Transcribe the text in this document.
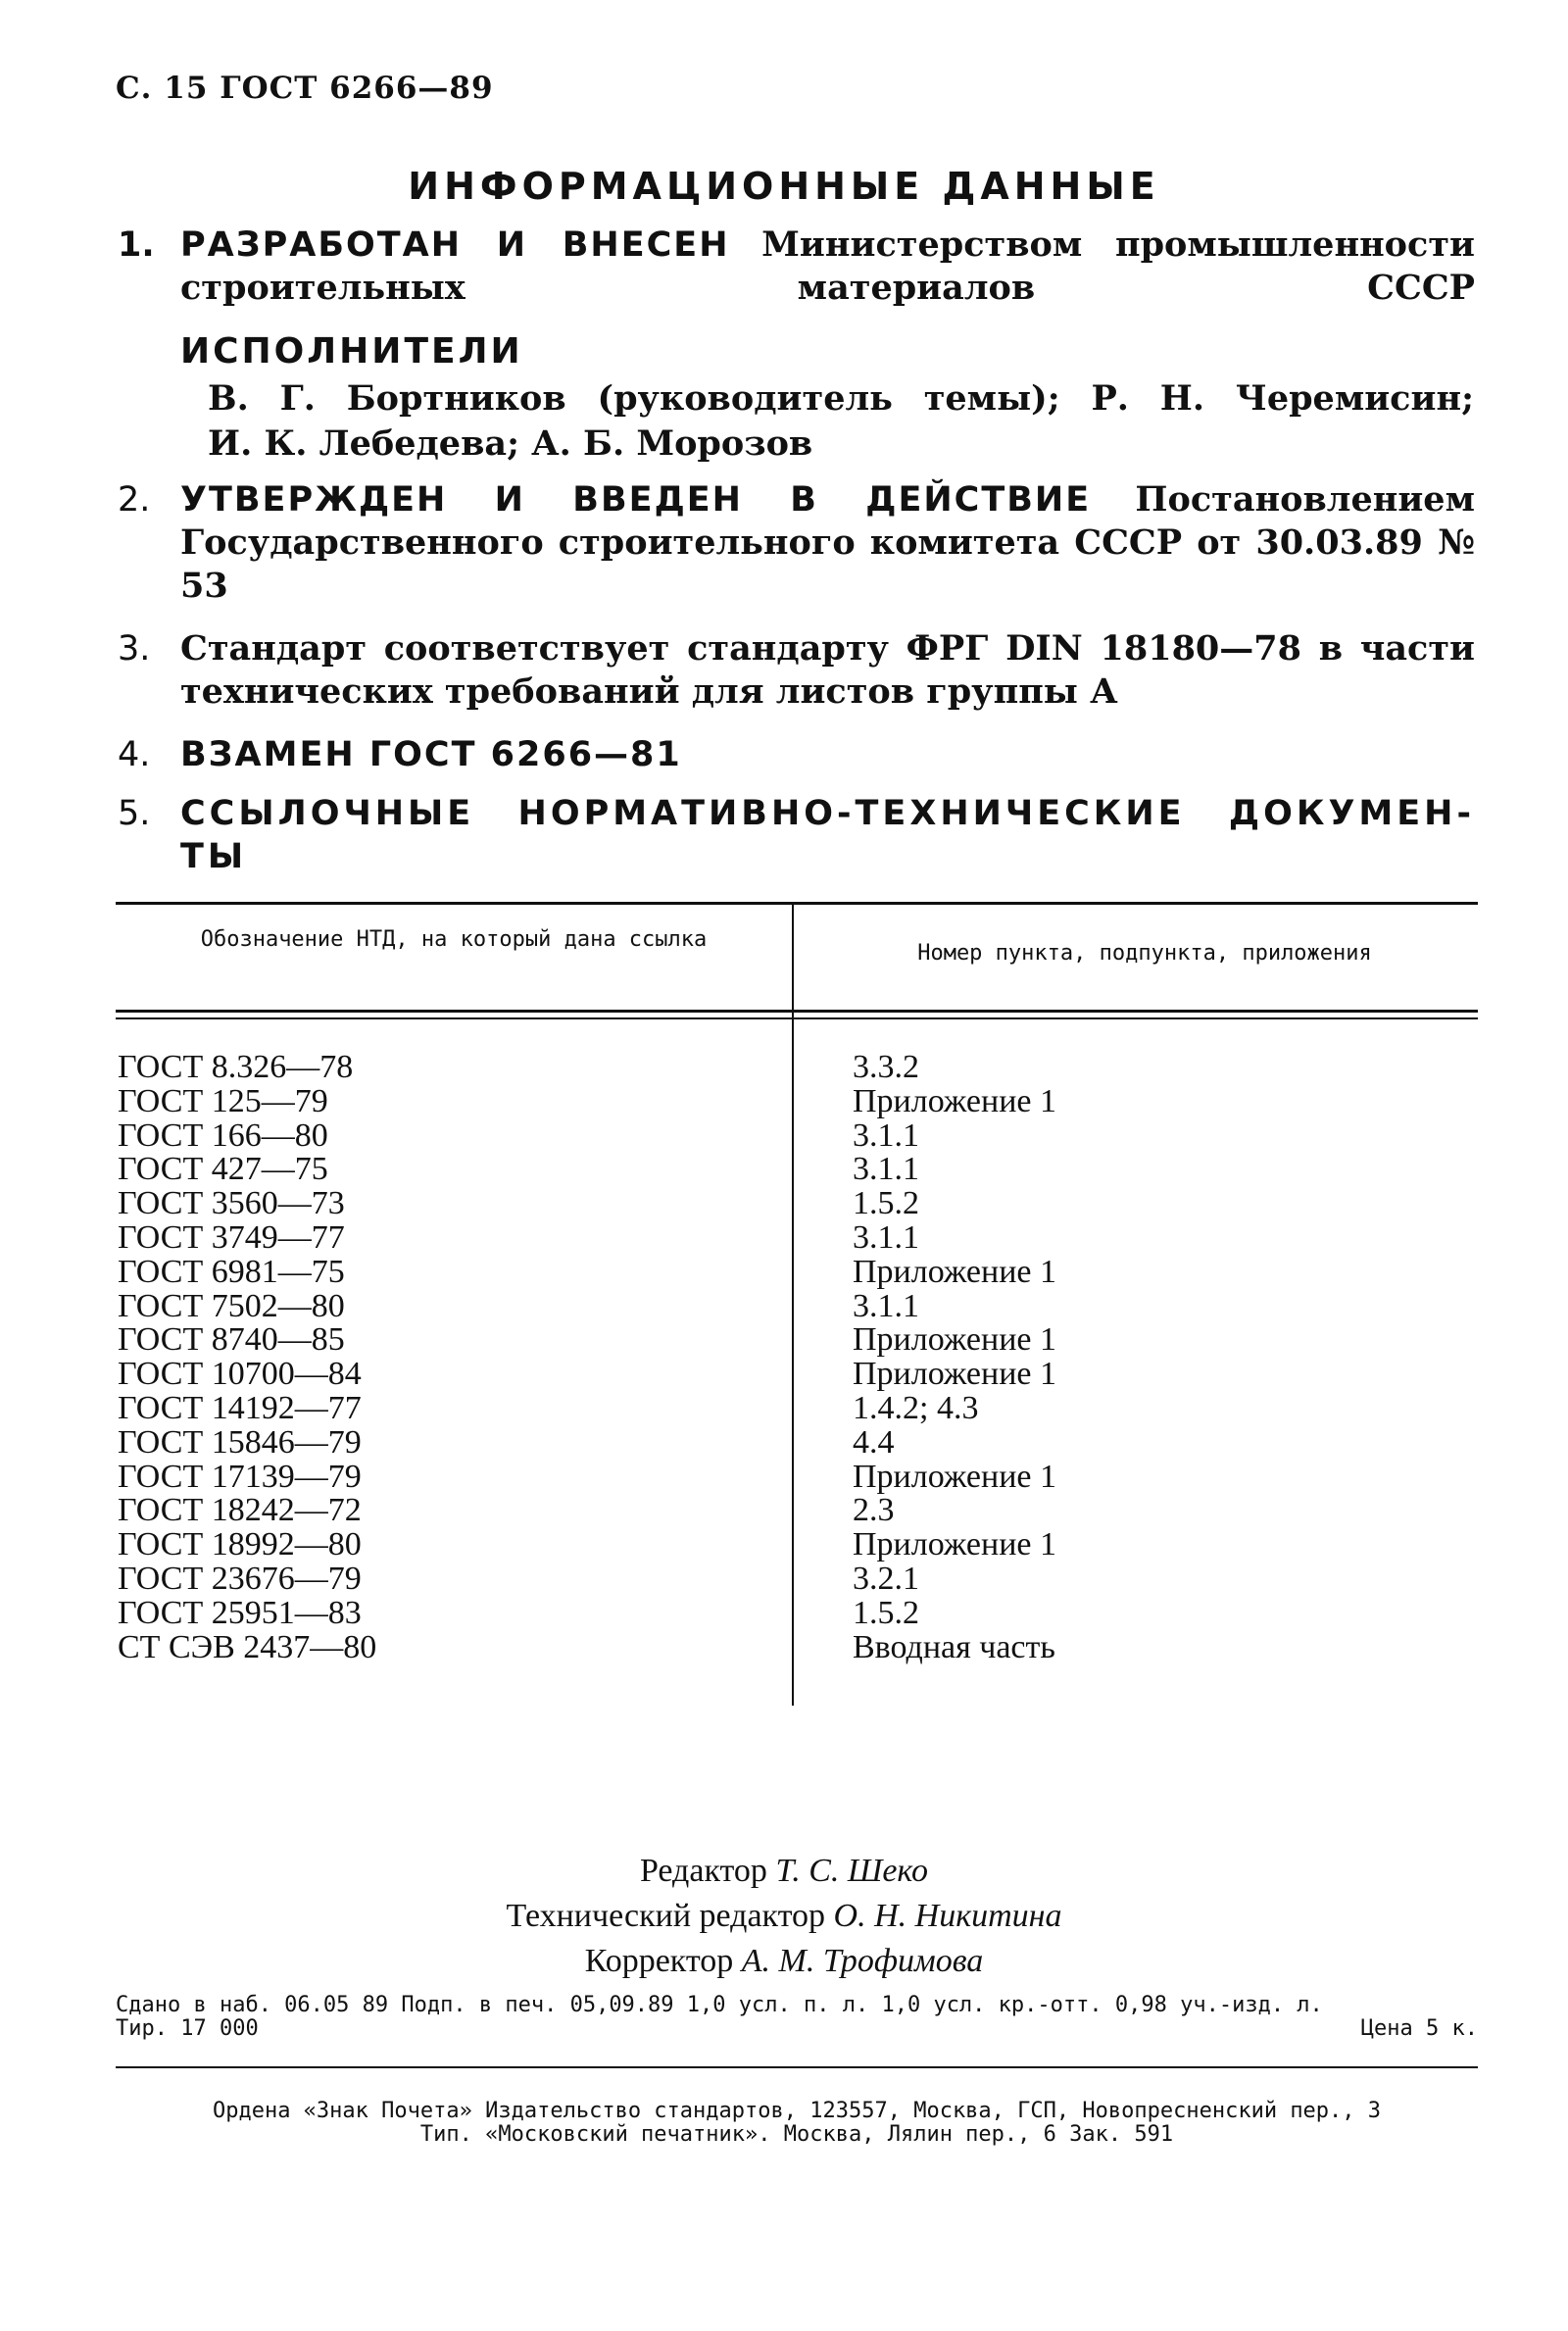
С. 15 ГОСТ 6266—89
ИНФОРМАЦИОННЫЕ ДАННЫЕ
1. РАЗРАБОТАН И ВНЕСЕН Министерством промышленности строительных материалов СССР
ИСПОЛНИТЕЛИ
В. Г. Бортников (руководитель темы); Р. Н. Черемисин;
И. К. Лебедева; А. Б. Морозов
2. УТВЕРЖДЕН И ВВЕДЕН В ДЕЙСТВИЕ Постановлением Государственного строительного комитета СССР от 30.03.89 № 53
3. Стандарт соответствует стандарту ФРГ DIN 18180—78 в части технических требований для листов группы А
4. ВЗАМЕН ГОСТ 6266—81
5. ССЫЛОЧНЫЕ НОРМАТИВНО-ТЕХНИЧЕСКИЕ ДОКУМЕН-ТЫ
Обозначение НТД, на который дана ссылка
Номер пункта, подпункта, приложения
ГОСТ 8.326—78
ГОСТ 125—79
ГОСТ 166—80
ГОСТ 427—75
ГОСТ 3560—73
ГОСТ 3749—77
ГОСТ 6981—75
ГОСТ 7502—80
ГОСТ 8740—85
ГОСТ 10700—84
ГОСТ 14192—77
ГОСТ 15846—79
ГОСТ 17139—79
ГОСТ 18242—72
ГОСТ 18992—80
ГОСТ 23676—79
ГОСТ 25951—83
СТ СЭВ 2437—80
3.3.2
Приложение 1
3.1.1
3.1.1
1.5.2
3.1.1
Приложение 1
3.1.1
Приложение 1
Приложение 1
1.4.2; 4.3
4.4
Приложение 1
2.3
Приложение 1
3.2.1
1.5.2
Вводная часть
Редактор Т. С. Шеко
Технический редактор О. Н. Никитина
Корректор А. М. Трофимова
Сдано в наб. 06.05 89 Подп. в печ. 05,09.89 1,0 усл. п. л. 1,0 усл. кр.-отт. 0,98 уч.-изд. л.
Тир. 17 000	Цена 5 к.
Ордена «Знак Почета» Издательство стандартов, 123557, Москва, ГСП, Новопресненский пер., 3
Тип. «Московский печатник». Москва, Лялин пер., 6 Зак. 591
